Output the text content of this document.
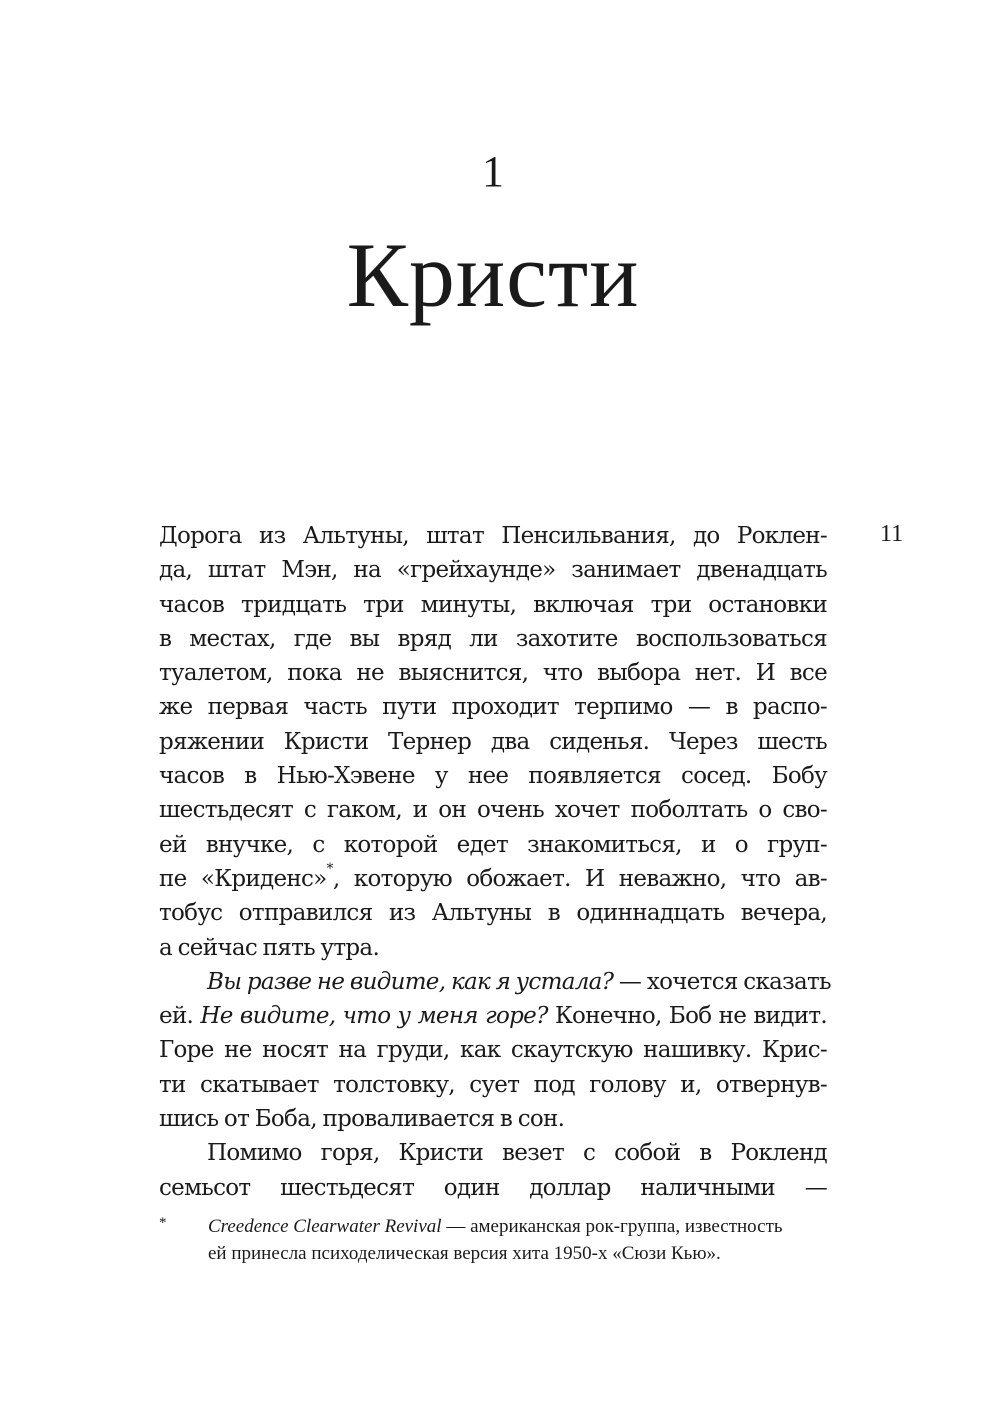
1
Кристи
11

Дорога из Альтуны, штат Пенсильвания, до Роклен-
да, штат Мэн, на «грейхаунде» занимает двенадцать
часов тридцать три минуты, включая три остановки
в местах, где вы вряд ли захотите воспользоваться
туалетом, пока не выяснится, что выбора нет. И все
же первая часть пути проходит терпимо — в распо-
ряжении Кристи Тернер два сиденья. Через шесть
часов в Нью-Хэвене у нее появляется сосед. Бобу
шестьдесят с гаком, и он очень хочет поболтать о сво-
ей внучке, с которой едет знакомиться, и о груп-
пе «Криденс»*, которую обожает. И неважно, что ав-
тобус отправился из Альтуны в одиннадцать вечера,
а сейчас пять утра.

Вы разве не видите, как я устала? — хочется сказать
ей. Не видите, что у меня горе? Конечно, Боб не видит.
Горе не носят на груди, как скаутскую нашивку. Крис-
ти скатывает толстовку, сует под голову и, отвернув-
шись от Боба, проваливается в сон.

Помимо горя, Кристи везет с собой в Рокленд
семьсот шестьдесят один доллар наличными —

* Creedence Clearwater Revival — американская рок-группа, известность
ей принесла психоделическая версия хита 1950-х «Сюзи Кью».
